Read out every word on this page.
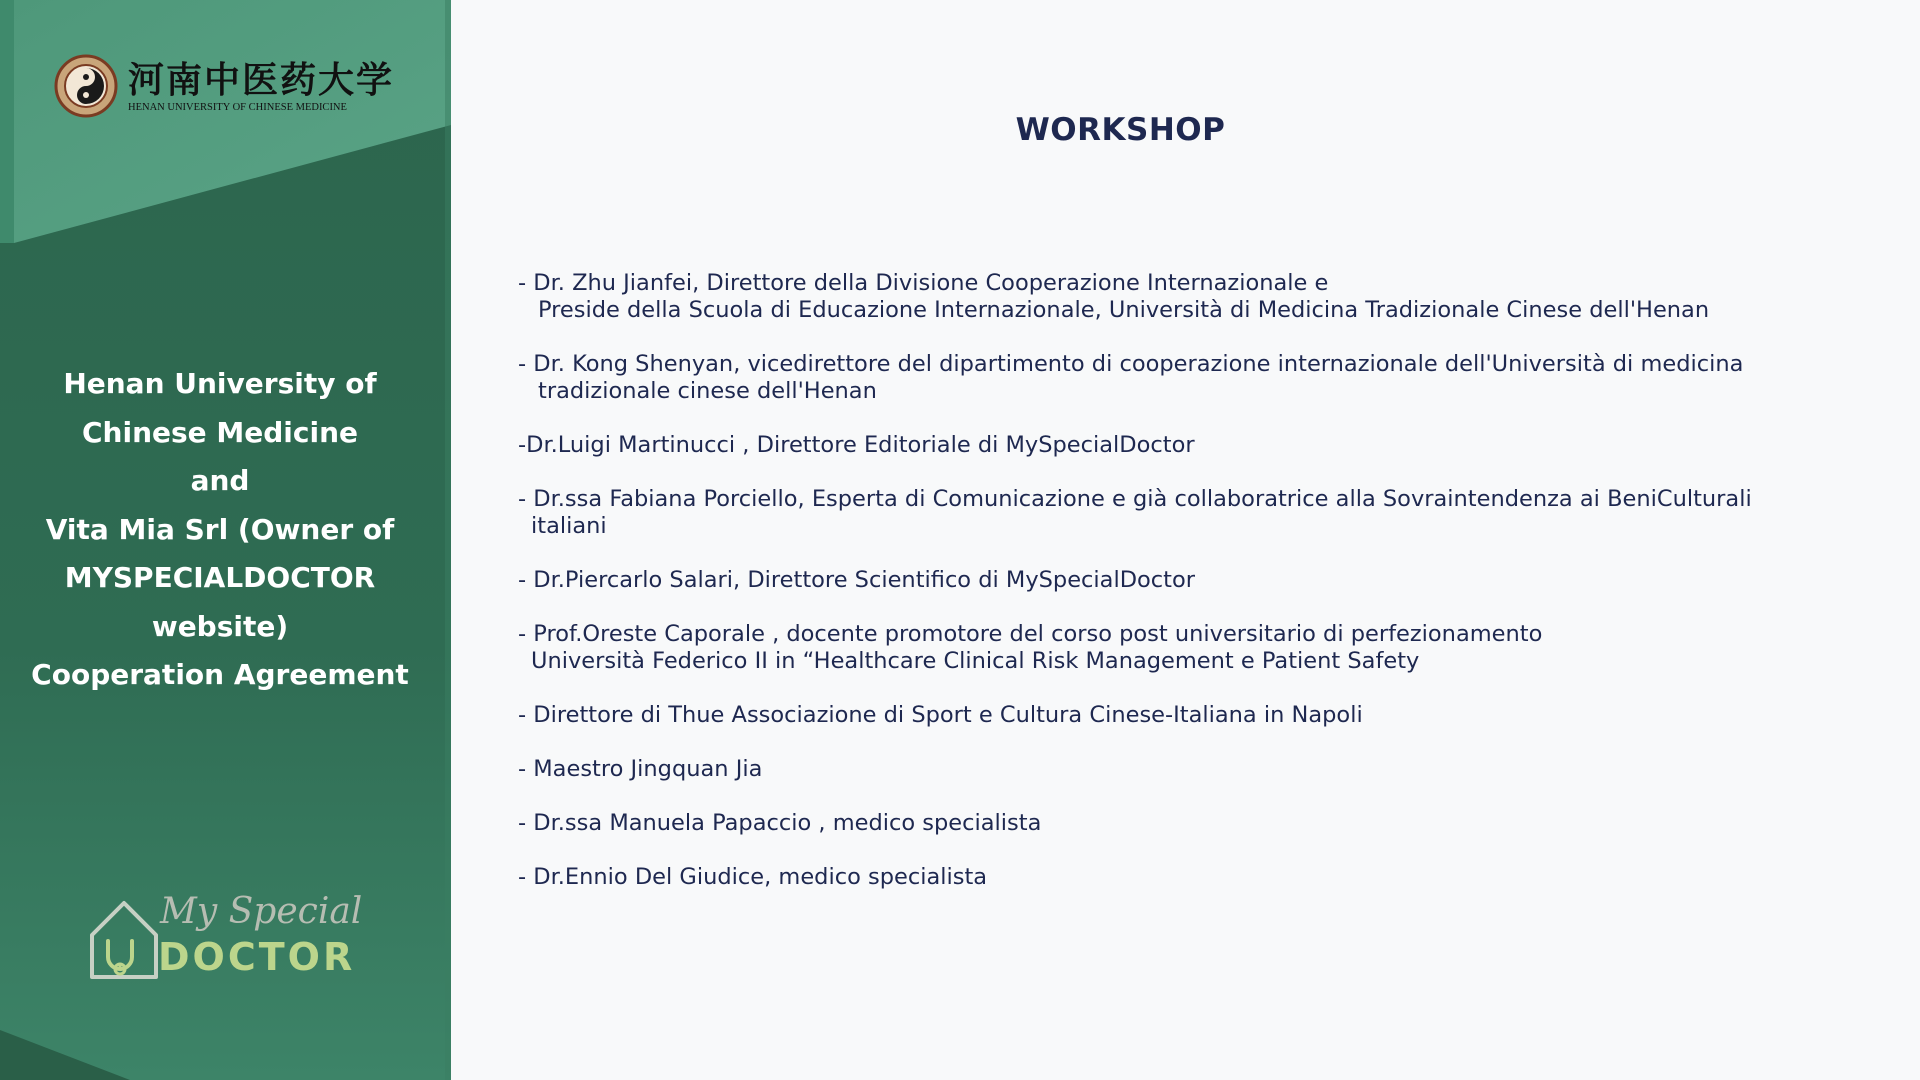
河南中医药大学
HENAN UNIVERSITY OF CHINESE MEDICINE
Henan University of
Chinese Medicine
and
Vita Mia Srl (Owner of
MYSPECIALDOCTOR
website)
Cooperation Agreement
My Special
DOCTOR
WORKSHOP
- Dr. Zhu Jianfei, Direttore della Divisione Cooperazione Internazionale e
Preside della Scuola di Educazione Internazionale, Università di Medicina Tradizionale Cinese dell'Henan
- Dr. Kong Shenyan, vicedirettore del dipartimento di cooperazione internazionale dell'Università di medicina
tradizionale cinese dell'Henan
-Dr.Luigi Martinucci , Direttore Editoriale di MySpecialDoctor
- Dr.ssa Fabiana Porciello, Esperta di Comunicazione e già collaboratrice alla Sovraintendenza ai BeniCulturali
italiani
- Dr.Piercarlo Salari, Direttore Scientifico di MySpecialDoctor
- Prof.Oreste Caporale , docente promotore del corso post universitario di perfezionamento
Università Federico II in “Healthcare Clinical Risk Management e Patient Safety
- Direttore di Thue Associazione di Sport e Cultura Cinese-Italiana in Napoli
- Maestro Jingquan Jia
- Dr.ssa Manuela Papaccio , medico specialista
- Dr.Ennio Del Giudice, medico specialista
